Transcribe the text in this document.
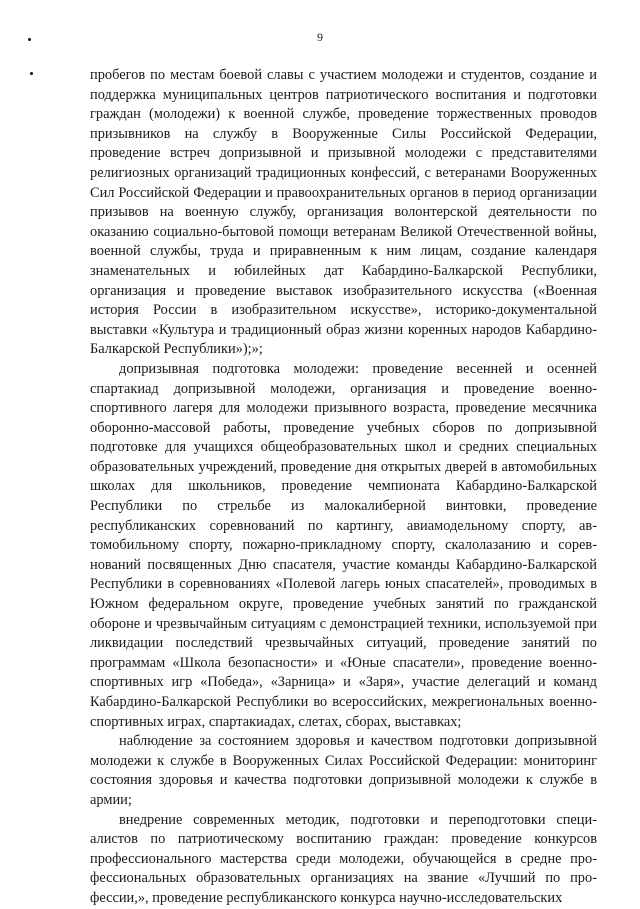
9

пробегов по местам боевой славы с участием молодежи и студентов, создание и поддержка муниципальных центров патриотического воспитания и подготовки граждан (молодежи) к военной службе, проведение торжественных проводов призывников на службу в Вооруженные Силы Российской Федерации, проведение встреч допризывной и призывной молодежи с представителями религиозных организаций традиционных конфессий, с ветеранами Вооруженных Сил Российской Федерации и правоохранительных органов в период организации призывов на военную службу, организация волонтерской деятельности по оказанию социально-бытовой помощи ветеранам Великой Отечественной войны, военной службы, труда и приравненным к ним лицам, создание календаря знаменательных и юбилейных дат Кабардино-Балкарской Республики, организация и проведение выставок изобразительного искусства («Военная история России в изобразительном искусстве», историко-документальной выставки «Культура и традиционный образ жизни коренных народов Кабардино-Балкарской Республики»);»;

допризывная подготовка молодежи: проведение весенней и осенней спартакиад допризывной молодежи, организация и проведение военно-спортивного лагеря для молодежи призывного возраста, проведение месячника оборонно-массовой работы, проведение учебных сборов по допризывной подготовке для учащихся общеобразовательных школ и средних специальных образовательных учреждений, проведение дня открытых дверей в автомобильных школах для школьников, проведение чемпионата Кабардино-Балкарской Республики по стрельбе из малокалиберной винтовки, проведение республиканских соревнований по картингу, авиамодельному спорту, автомобильному спорту, пожарно-прикладному спорту, скалолазанию и соревнований посвященных Дню спасателя, участие команды Кабардино-Балкарской Республики в соревнованиях «Полевой лагерь юных спасателей», проводимых в Южном федеральном округе, проведение учебных занятий по гражданской обороне и чрезвычайным ситуациям с демонстрацией техники, используемой при ликвидации последствий чрезвычайных ситуаций, проведение занятий по программам «Школа безопасности» и «Юные спасатели», проведение военно-спортивных игр «Победа», «Зарница» и «Заря», участие делегаций и команд Кабардино-Балкарской Республики во всероссийских, межрегиональных военно-спортивных играх, спартакиадах, слетах, сборах, выставках;

наблюдение за состоянием здоровья и качеством подготовки допризывной молодежи к службе в Вооруженных Силах Российской Федерации: мониторинг состояния здоровья и качества подготовки допризывной молодежи к службе в армии;

внедрение современных методик, подготовки и переподготовки специалистов по патриотическому воспитанию граждан: проведение конкурсов профессионального мастерства среди молодежи, обучающейся в средне профессиональных образовательных организациях на звание «Лучший по профессии,», проведение республиканского конкурса научно-исследовательских
